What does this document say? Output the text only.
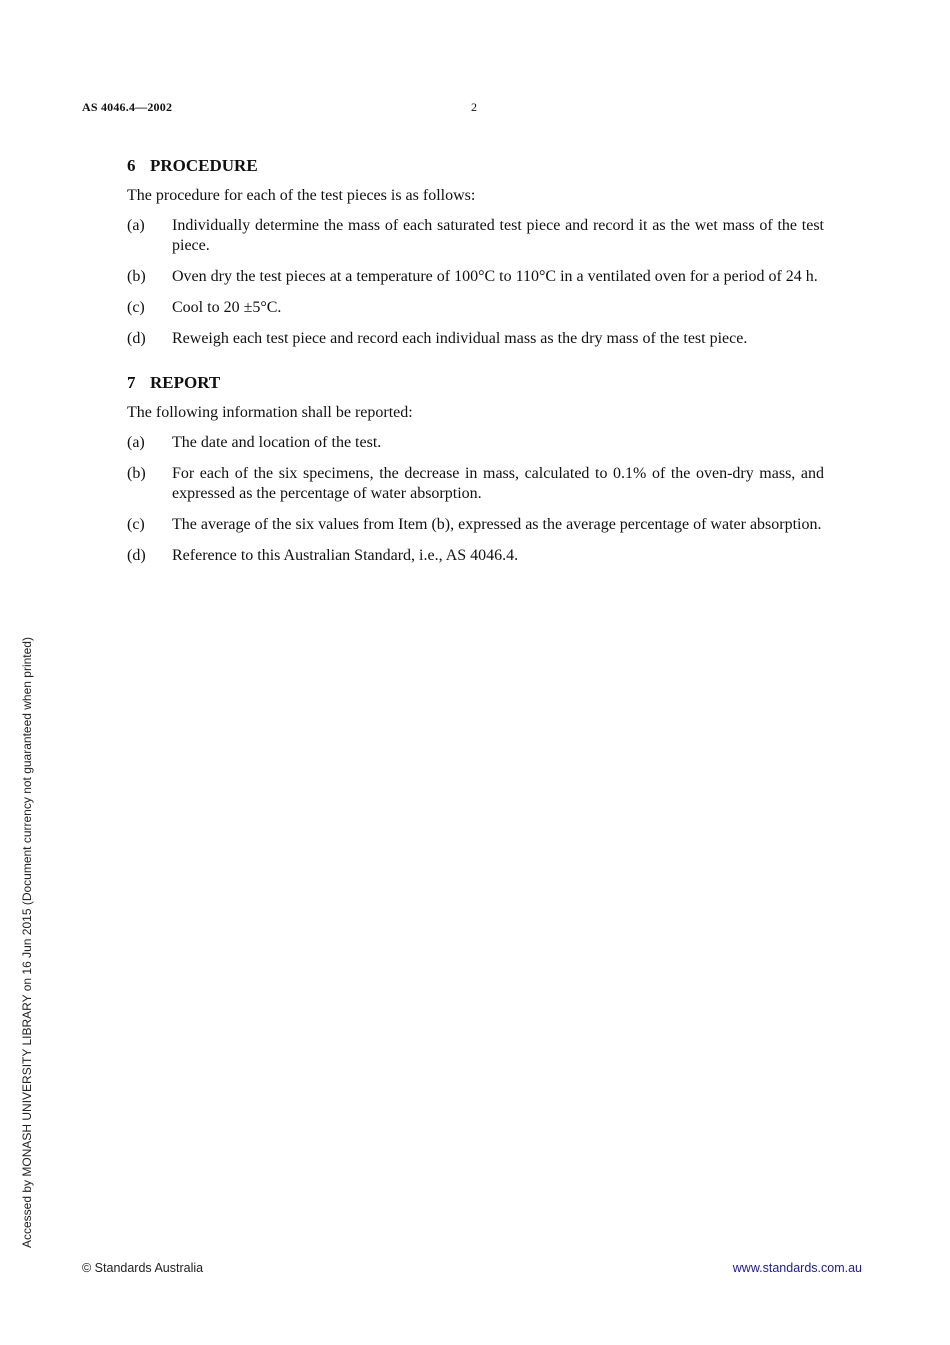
AS 4046.4—2002	2
6 PROCEDURE

The procedure for each of the test pieces is as follows:

(a)	Individually determine the mass of each saturated test piece and record it as the wet mass of the test piece.
(b)	Oven dry the test pieces at a temperature of 100°C to 110°C in a ventilated oven for a period of 24 h.
(c)	Cool to 20 ±5°C.
(d)	Reweigh each test piece and record each individual mass as the dry mass of the test piece.
7 REPORT

The following information shall be reported:

(a)	The date and location of the test.
(b)	For each of the six specimens, the decrease in mass, calculated to 0.1% of the oven-dry mass, and expressed as the percentage of water absorption.
(c)	The average of the six values from Item (b), expressed as the average percentage of water absorption.
(d)	Reference to this Australian Standard, i.e., AS 4046.4.
Accessed by MONASH UNIVERSITY LIBRARY on 16 Jun 2015 (Document currency not guaranteed when printed)
© Standards Australia	www.standards.com.au
